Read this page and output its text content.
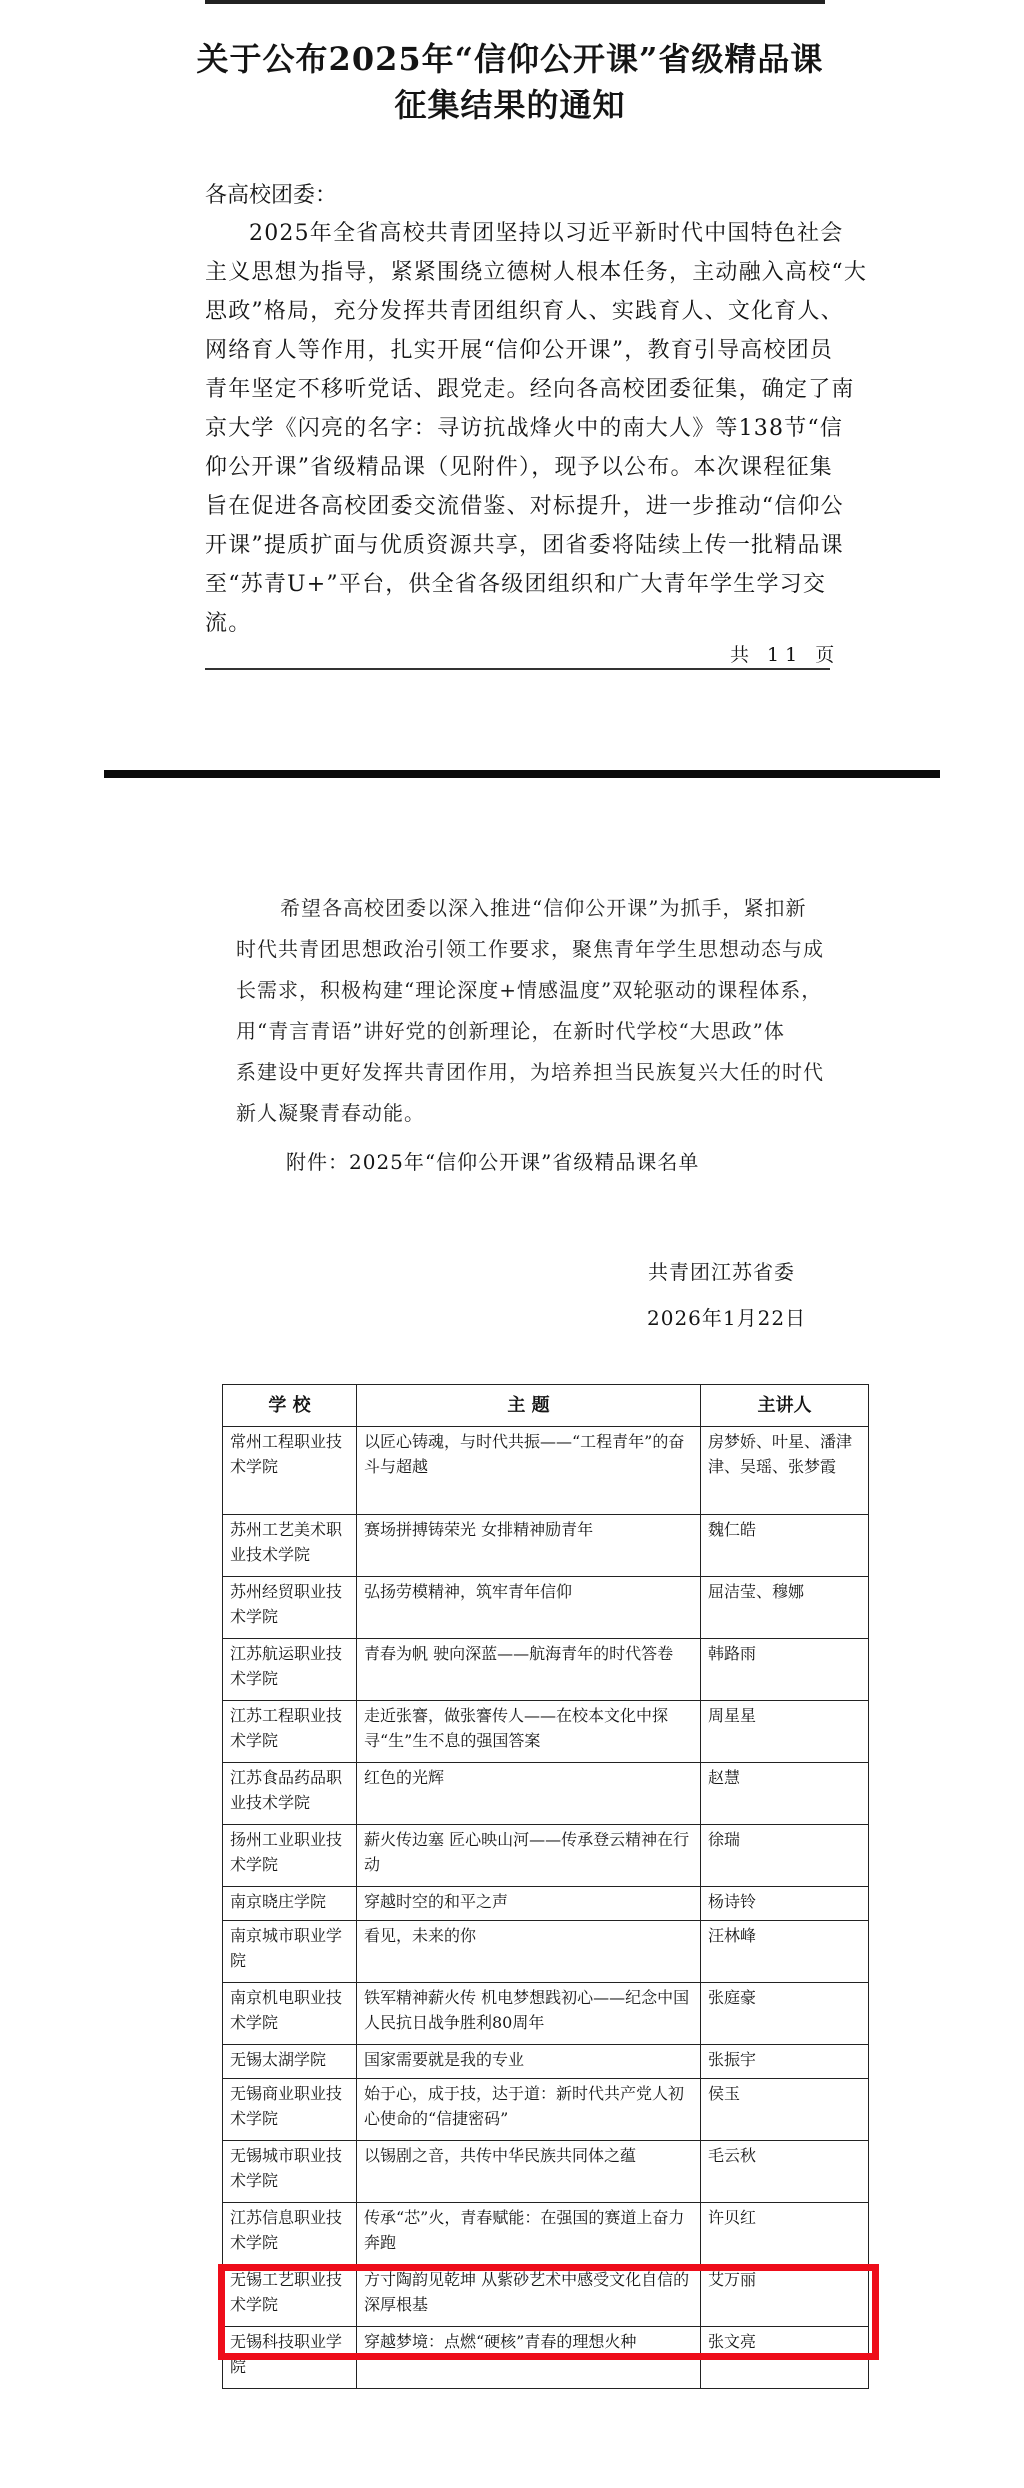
关于公布2025年“信仰公开课”省级精品课
征集结果的通知
各高校团委：
2025年全省高校共青团坚持以习近平新时代中国特色社会
主义思想为指导，紧紧围绕立德树人根本任务，主动融入高校“大
思政”格局，充分发挥共青团组织育人、实践育人、文化育人、
网络育人等作用，扎实开展“信仰公开课”，教育引导高校团员
青年坚定不移听党话、跟党走。经向各高校团委征集，确定了南
京大学《闪亮的名字：寻访抗战烽火中的南大人》等138节“信
仰公开课”省级精品课（见附件），现予以公布。本次课程征集
旨在促进各高校团委交流借鉴、对标提升，进一步推动“信仰公
开课”提质扩面与优质资源共享，团省委将陆续上传一批精品课
至“苏青U+”平台，供全省各级团组织和广大青年学生学习交
流。
共 11 页
希望各高校团委以深入推进“信仰公开课”为抓手，紧扣新
时代共青团思想政治引领工作要求，聚焦青年学生思想动态与成
长需求，积极构建“理论深度+情感温度”双轮驱动的课程体系，
用“青言青语”讲好党的创新理论，在新时代学校“大思政”体
系建设中更好发挥共青团作用，为培养担当民族复兴大任的时代
新人凝聚青春动能。
附件：2025年“信仰公开课”省级精品课名单
共青团江苏省委
2026年1月22日
学 校	主 题	主讲人
常州工程职业技术学院	以匠心铸魂，与时代共振——“工程青年”的奋斗与超越	房梦娇、叶星、潘津津、吴瑶、张梦霞
苏州工艺美术职业技术学院	赛场拼搏铸荣光 女排精神励青年	魏仁皓
苏州经贸职业技术学院	弘扬劳模精神，筑牢青年信仰	屈洁莹、穆娜
江苏航运职业技术学院	青春为帆 驶向深蓝——航海青年的时代答卷	韩路雨
江苏工程职业技术学院	走近张謇，做张謇传人——在校本文化中探寻“生”生不息的强国答案	周星星
江苏食品药品职业技术学院	红色的光辉	赵慧
扬州工业职业技术学院	薪火传边塞 匠心映山河——传承登云精神在行动	徐瑞
南京晓庄学院	穿越时空的和平之声	杨诗铃
南京城市职业学院	看见，未来的你	汪林峰
南京机电职业技术学院	铁军精神薪火传 机电梦想践初心——纪念中国人民抗日战争胜利80周年	张庭豪
无锡太湖学院	国家需要就是我的专业	张振宇
无锡商业职业技术学院	始于心，成于技，达于道：新时代共产党人初心使命的“信捷密码”	侯玉
无锡城市职业技术学院	以锡剧之音，共传中华民族共同体之蕴	毛云秋
江苏信息职业技术学院	传承“芯”火，青春赋能：在强国的赛道上奋力奔跑	许贝红
无锡工艺职业技术学院	方寸陶韵见乾坤 从紫砂艺术中感受文化自信的深厚根基	艾万丽
无锡科技职业学院	穿越梦境：点燃“硬核”青春的理想火种	张文亮
